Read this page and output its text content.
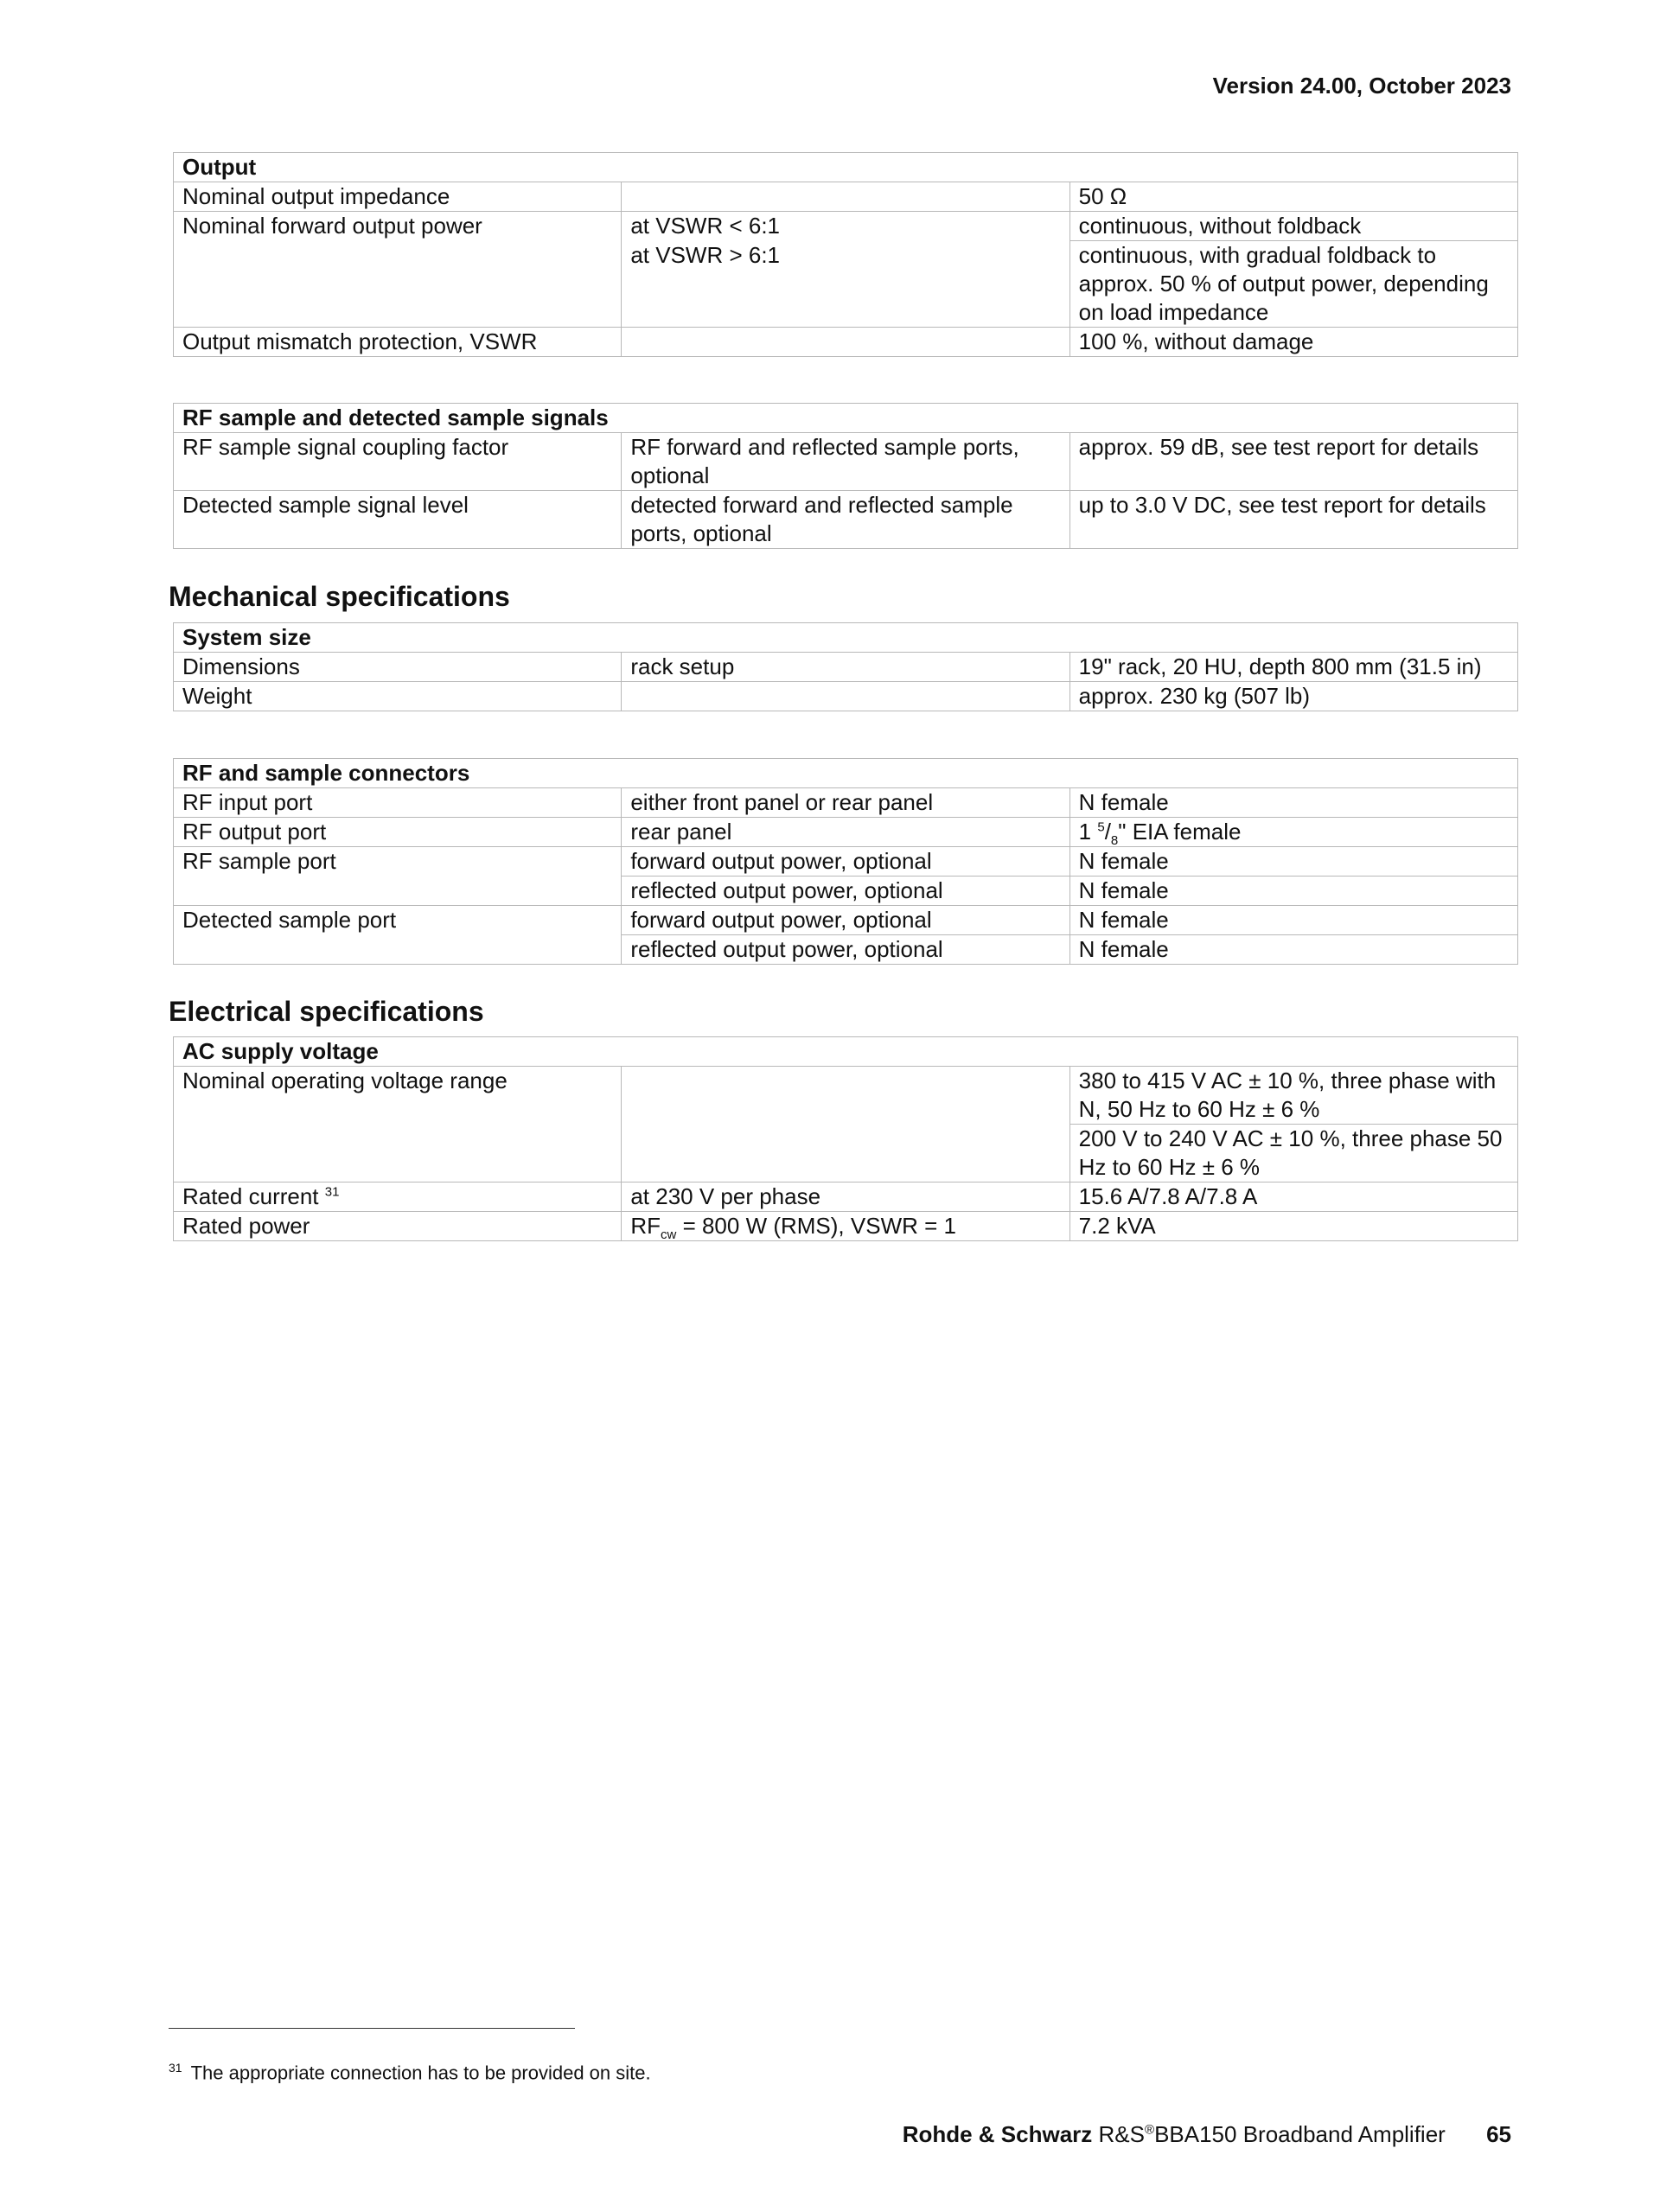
Version 24.00, October 2023
Output		
Nominal output impedance		50 Ω
Nominal forward output power	at VSWR < 6:1	continuous, without foldback
	at VSWR > 6:1	continuous, with gradual foldback to approx. 50 % of output power, depending on load impedance
Output mismatch protection, VSWR		100 %, without damage
RF sample and detected sample signals		
RF sample signal coupling factor	RF forward and reflected sample ports, optional	approx. 59 dB, see test report for details
Detected sample signal level	detected forward and reflected sample ports, optional	up to 3.0 V DC, see test report for details
Mechanical specifications
System size		
Dimensions	rack setup	19" rack, 20 HU, depth 800 mm (31.5 in)
Weight		approx. 230 kg (507 lb)
RF and sample connectors		
RF input port	either front panel or rear panel	N female
RF output port	rear panel	1 $^5/_8$" EIA female
RF sample port	forward output power, optional	N female
	reflected output power, optional	N female
Detected sample port	forward output power, optional	N female
	reflected output power, optional	N female
Electrical specifications
AC supply voltage		
Nominal operating voltage range		380 to 415 V AC ± 10 %, three phase with N, 50 Hz to 60 Hz ± 6 %
		200 V to 240 V AC ± 10 %, three phase 50 Hz to 60 Hz ± 6 %
Rated current $^{31}$	at 230 V per phase	15.6 A/7.8 A/7.8 A
Rated power	$RF_{cw} = 800$ W (RMS), VSWR = 1	7.2 kVA
$^{31}$ The appropriate connection has to be provided on site.
Rohde & Schwarz R&S®BBA150 Broadband Amplifier 65
